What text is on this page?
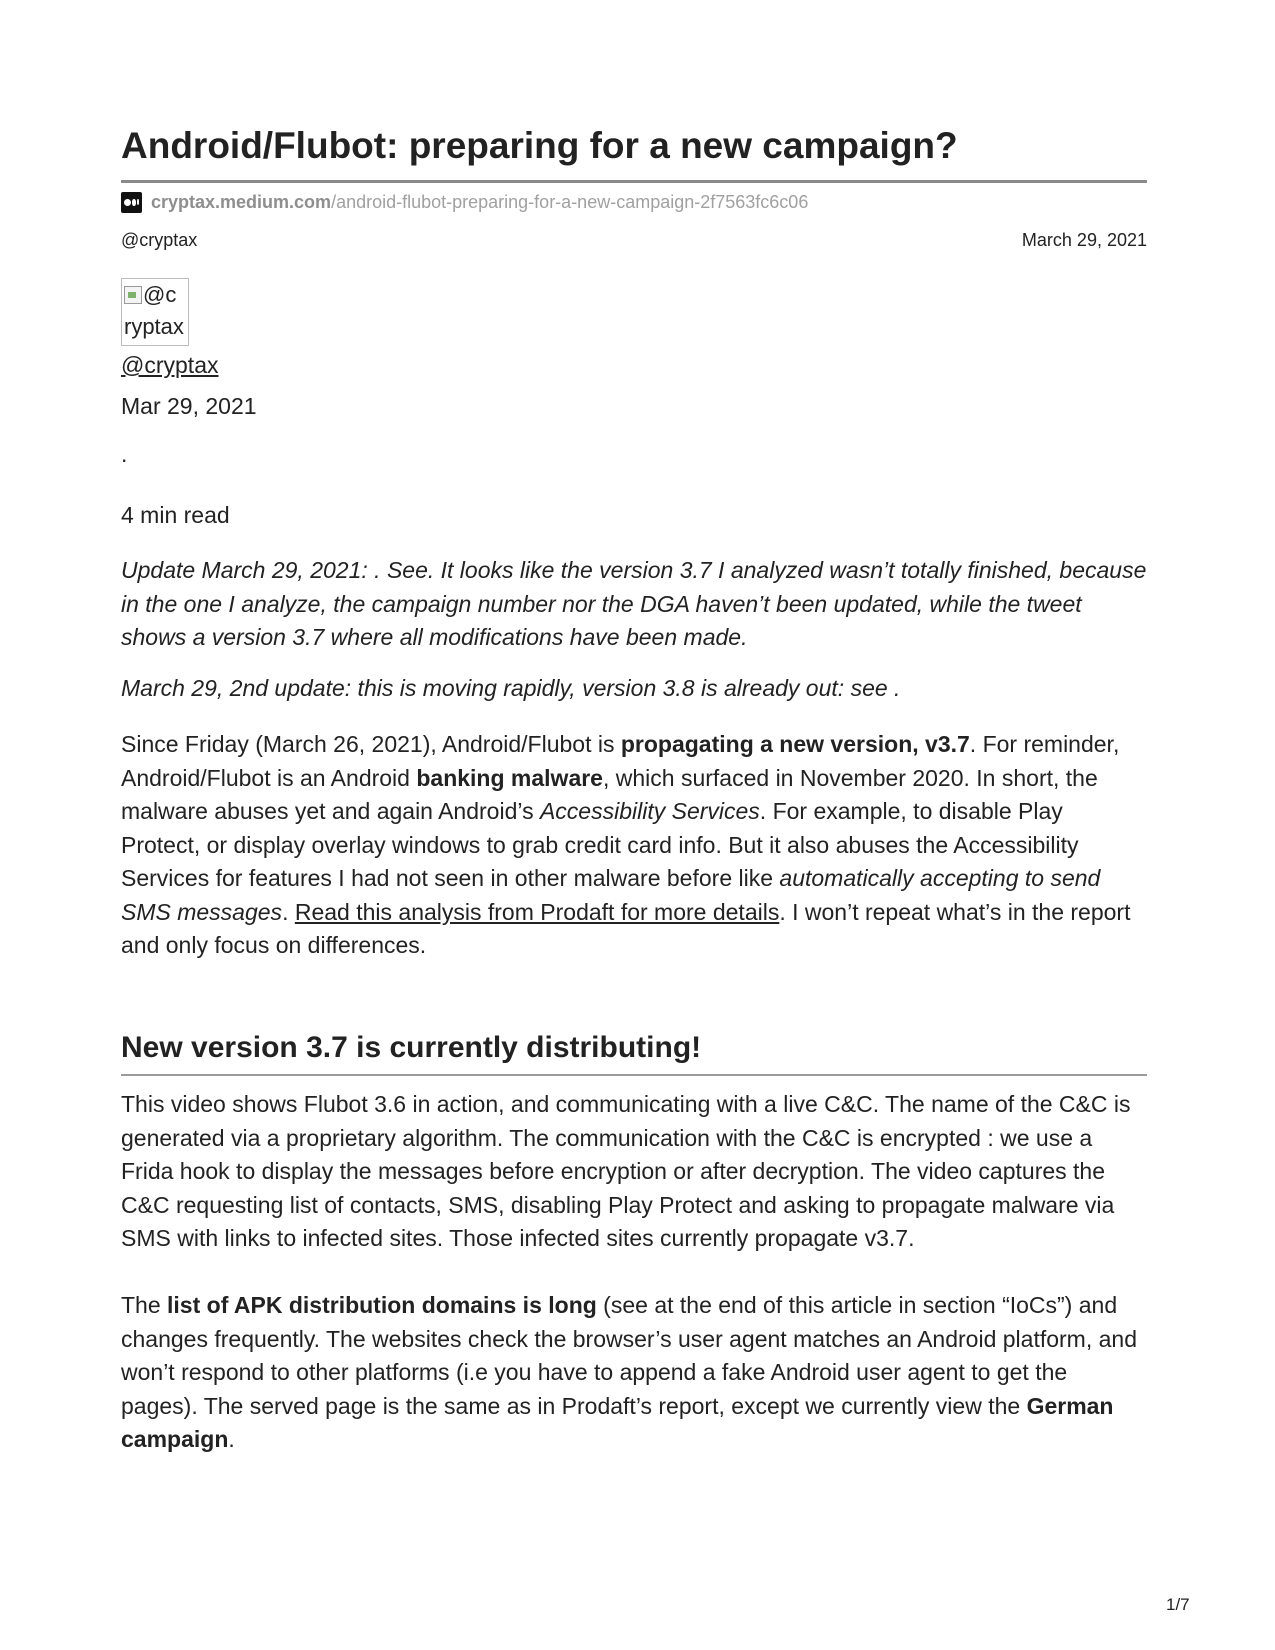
Android/Flubot: preparing for a new campaign?
cryptax.medium.com /android-flubot-preparing-for-a-new-campaign-2f7563fc6c06
@cryptax	March 29, 2021
@c
ryptax
@cryptax

Mar 29, 2021

.

4 min read

Update March 29, 2021: . See. It looks like the version 3.7 I analyzed wasn’t totally finished, because in the one I analyze, the campaign number nor the DGA haven’t been updated, while the tweet shows a version 3.7 where all modifications have been made.

March 29, 2nd update: this is moving rapidly, version 3.8 is already out: see .

Since Friday (March 26, 2021), Android/Flubot is propagating a new version, v3.7. For reminder, Android/Flubot is an Android banking malware, which surfaced in November 2020. In short, the malware abuses yet and again Android’s Accessibility Services. For example, to disable Play Protect, or display overlay windows to grab credit card info. But it also abuses the Accessibility Services for features I had not seen in other malware before like automatically accepting to send SMS messages. Read this analysis from Prodaft for more details. I won’t repeat what’s in the report and only focus on differences.

New version 3.7 is currently distributing!

This video shows Flubot 3.6 in action, and communicating with a live C&C. The name of the C&C is generated via a proprietary algorithm. The communication with the C&C is encrypted : we use a Frida hook to display the messages before encryption or after decryption. The video captures the C&C requesting list of contacts, SMS, disabling Play Protect and asking to propagate malware via SMS with links to infected sites. Those infected sites currently propagate v3.7.

The list of APK distribution domains is long (see at the end of this article in section “IoCs”) and changes frequently. The websites check the browser’s user agent matches an Android platform, and won’t respond to other platforms (i.e you have to append a fake Android user agent to get the pages). The served page is the same as in Prodaft’s report, except we currently view the German campaign.

1/7
